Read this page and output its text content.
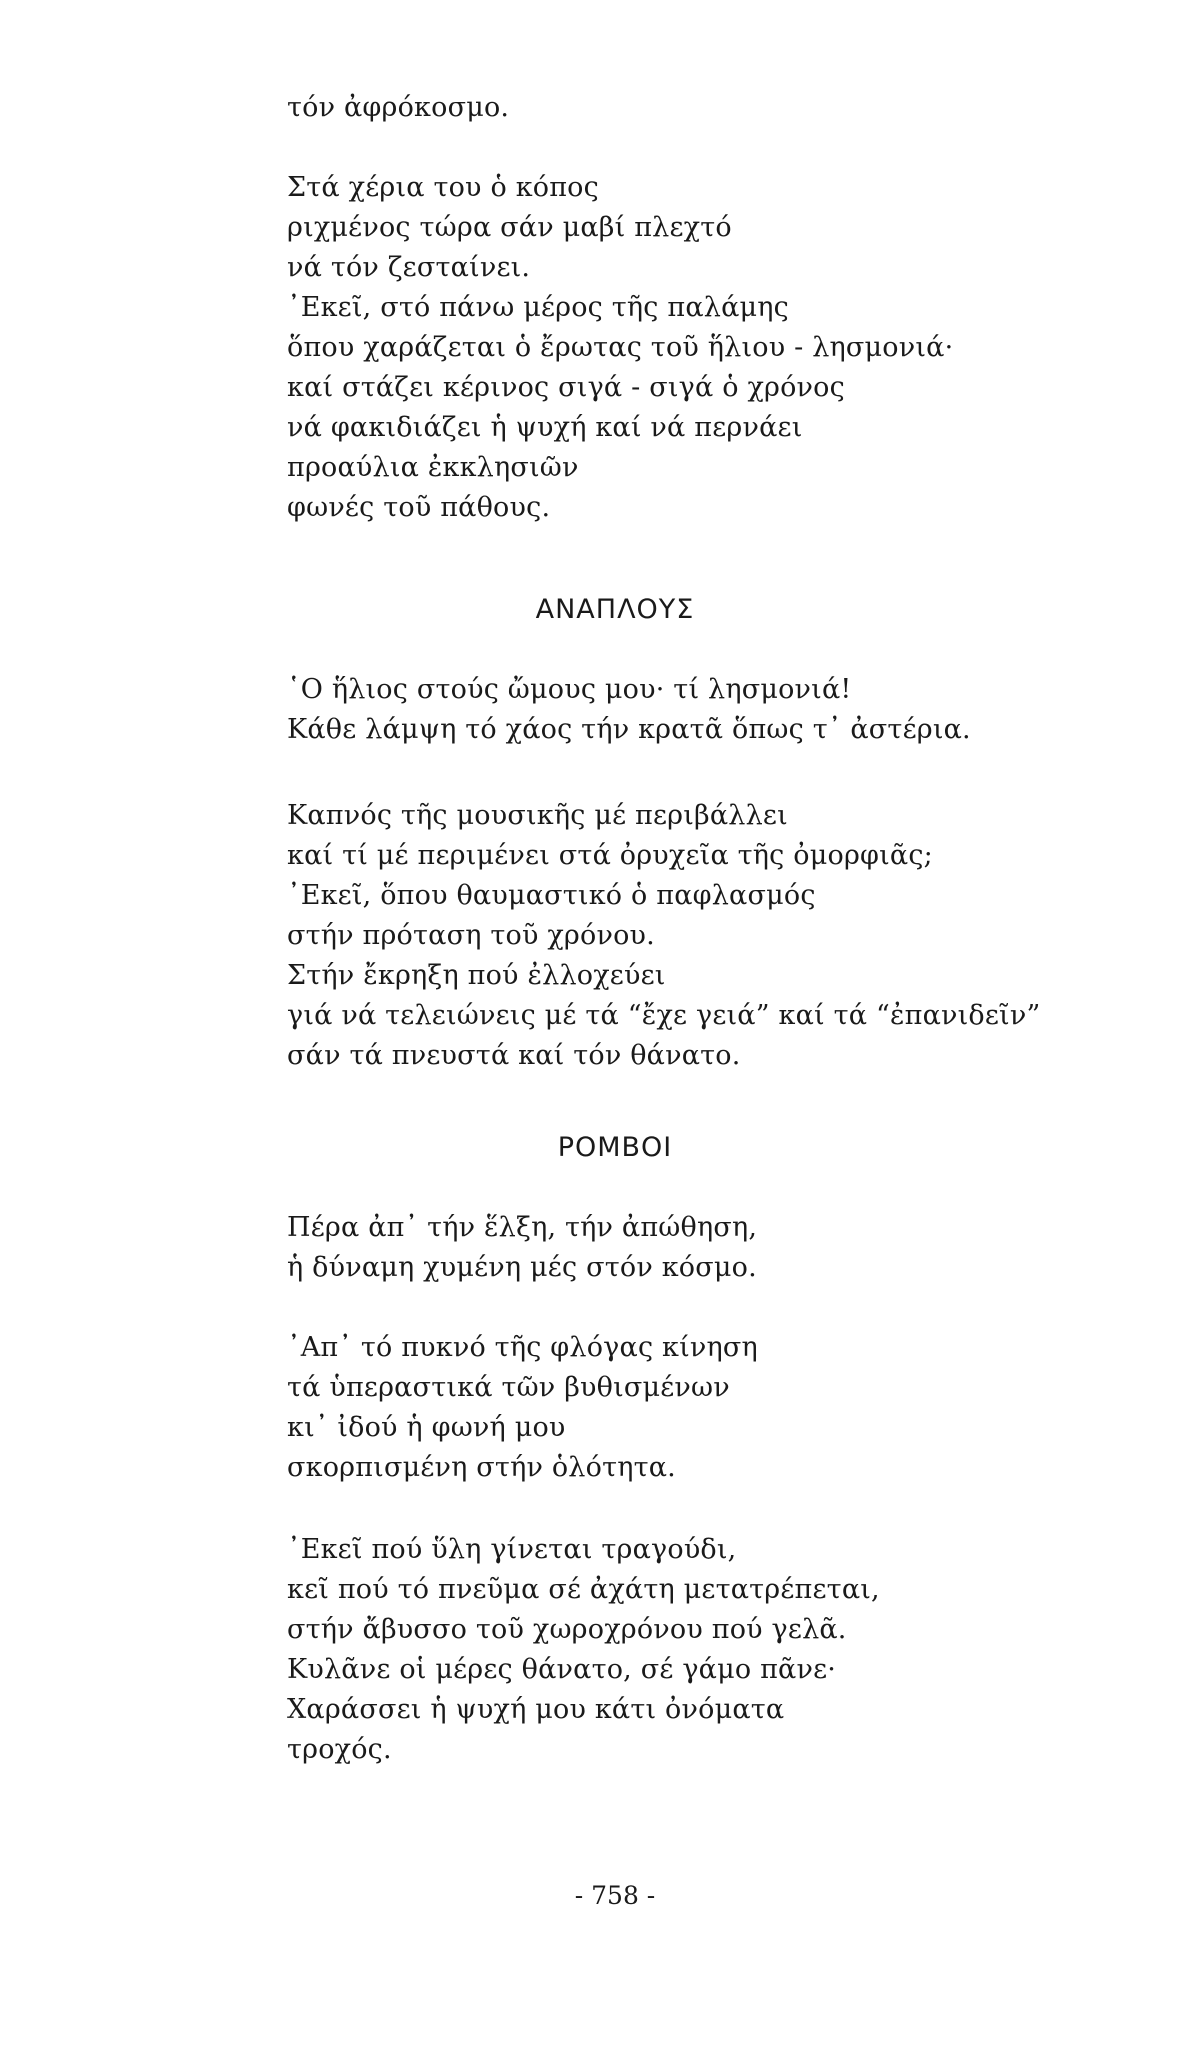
τόν ἀφρόκοσμο.
Στά χέρια του ὁ κόπος
ριχμένος τώρα σάν μαβί πλεχτό
νά τόν ζεσταίνει.
᾿Εκεῖ, στό πάνω μέρος τῆς παλάμης
ὅπου χαράζεται ὁ ἔρωτας τοῦ ἥλιου - λησμονιά·
καί στάζει κέρινος σιγά - σιγά ὁ χρόνος
νά φακιδιάζει ἡ ψυχή καί νά περνάει
προαύλια ἐκκλησιῶν
φωνές τοῦ πάθους.
ΑΝΑΠΛΟΥΣ
῾Ο ἥλιος στούς ὤμους μου· τί λησμονιά!
Κάθε λάμψη τό χάος τήν κρατᾶ ὅπως τ᾿ ἀστέρια.
Καπνός τῆς μουσικῆς μέ περιβάλλει
καί τί μέ περιμένει στά ὀρυχεῖα τῆς ὀμορφιᾶς;
᾿Εκεῖ, ὅπου θαυμαστικό ὁ παφλασμός
στήν πρόταση τοῦ χρόνου.
Στήν ἔκρηξη πού ἐλλοχεύει
γιά νά τελειώνεις μέ τά “ἔχε γειά” καί τά “ἐπανιδεῖν”
σάν τά πνευστά καί τόν θάνατο.
ΡΟΜΒΟΙ
Πέρα ἀπ᾿ τήν ἕλξη, τήν ἀπώθηση,
ἡ δύναμη χυμένη μές στόν κόσμο.
᾿Απ᾿ τό πυκνό τῆς φλόγας κίνηση
τά ὑπεραστικά τῶν βυθισμένων
κι᾿ ἰδού ἡ φωνή μου
σκορπισμένη στήν ὁλότητα.
᾿Εκεῖ πού ὕλη γίνεται τραγούδι,
κεῖ πού τό πνεῦμα σέ ἀχάτη μετατρέπεται,
στήν ἄβυσσο τοῦ χωροχρόνου πού γελᾶ.
Κυλᾶνε οἱ μέρες θάνατο, σέ γάμο πᾶνε·
Χαράσσει ἡ ψυχή μου κάτι ὀνόματα
τροχός.
- 758 -
